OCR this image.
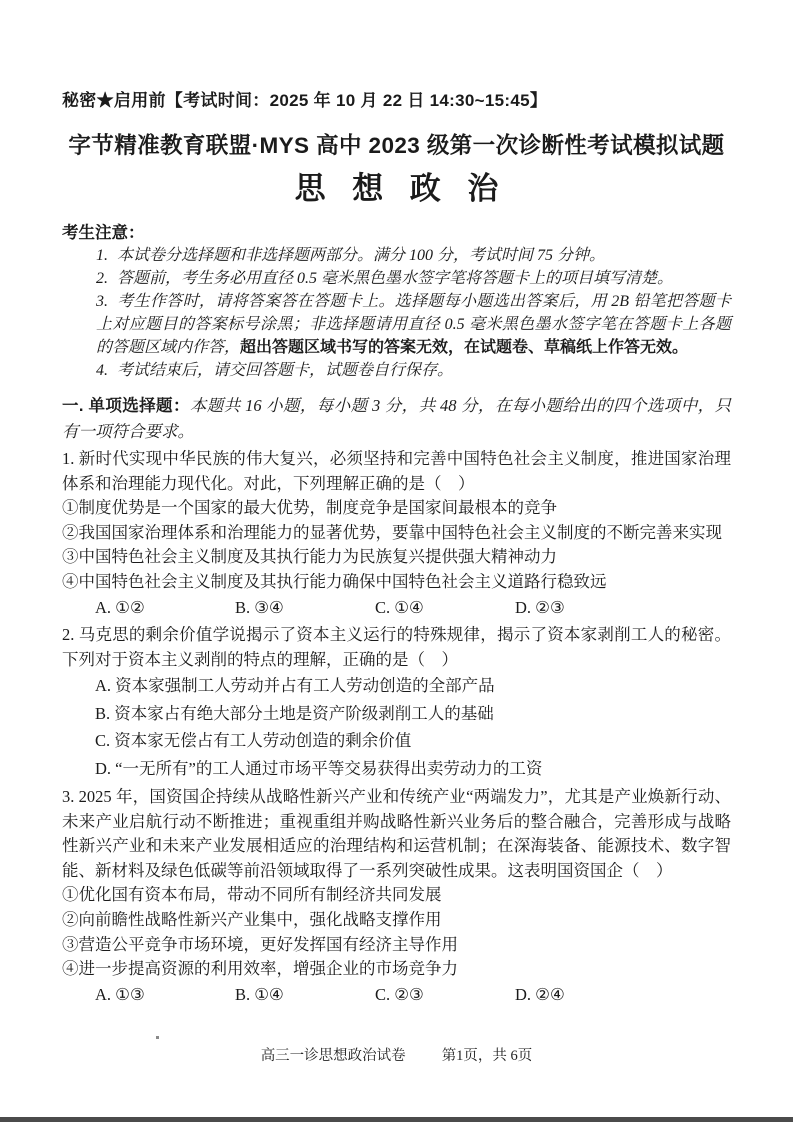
秘密★启用前【考试时间：2025 年 10 月 22 日 14:30~15:45】
字节精准教育联盟·MYS 高中 2023 级第一次诊断性考试模拟试题
思 想 政 治
考生注意：
1. 本试卷分选择题和非选择题两部分。满分 100 分，考试时间 75 分钟。
2. 答题前，考生务必用直径 0.5 毫米黑色墨水签字笔将答题卡上的项目填写清楚。
3. 考生作答时，请将答案答在答题卡上。选择题每小题选出答案后，用 2B 铅笔把答题卡上对应题目的答案标号涂黑；非选择题请用直径 0.5 毫米黑色墨水签字笔在答题卡上各题的答题区域内作答，超出答题区域书写的答案无效，在试题卷、草稿纸上作答无效。
4. 考试结束后，请交回答题卡，试题卷自行保存。
一. 单项选择题：本题共 16 小题，每小题 3 分，共 48 分，在每小题给出的四个选项中，只有一项符合要求。
1. 新时代实现中华民族的伟大复兴，必须坚持和完善中国特色社会主义制度，推进国家治理体系和治理能力现代化。对此，下列理解正确的是（　）
①制度优势是一个国家的最大优势，制度竞争是国家间最根本的竞争
②我国国家治理体系和治理能力的显著优势，要靠中国特色社会主义制度的不断完善来实现
③中国特色社会主义制度及其执行能力为民族复兴提供强大精神动力
④中国特色社会主义制度及其执行能力确保中国特色社会主义道路行稳致远
A. ①②	B. ③④	C. ①④	D. ②③
2. 马克思的剩余价值学说揭示了资本主义运行的特殊规律，揭示了资本家剥削工人的秘密。下列对于资本主义剥削的特点的理解，正确的是（　）
A. 资本家强制工人劳动并占有工人劳动创造的全部产品
B. 资本家占有绝大部分土地是资产阶级剥削工人的基础
C. 资本家无偿占有工人劳动创造的剩余价值
D. “一无所有”的工人通过市场平等交易获得出卖劳动力的工资
3. 2025 年，国资国企持续从战略性新兴产业和传统产业“两端发力”，尤其是产业焕新行动、未来产业启航行动不断推进；重视重组并购战略性新兴业务后的整合融合，完善形成与战略性新兴产业和未来产业发展相适应的治理结构和运营机制；在深海装备、能源技术、数字智能、新材料及绿色低碳等前沿领域取得了一系列突破性成果。这表明国资国企（　）
①优化国有资本布局，带动不同所有制经济共同发展
②向前瞻性战略性新兴产业集中，强化战略支撑作用
③营造公平竞争市场环境，更好发挥国有经济主导作用
④进一步提高资源的利用效率，增强企业的市场竞争力
A. ①③	B. ①④	C. ②③	D. ②④
高三一诊思想政治试卷 第1页，共 6页
